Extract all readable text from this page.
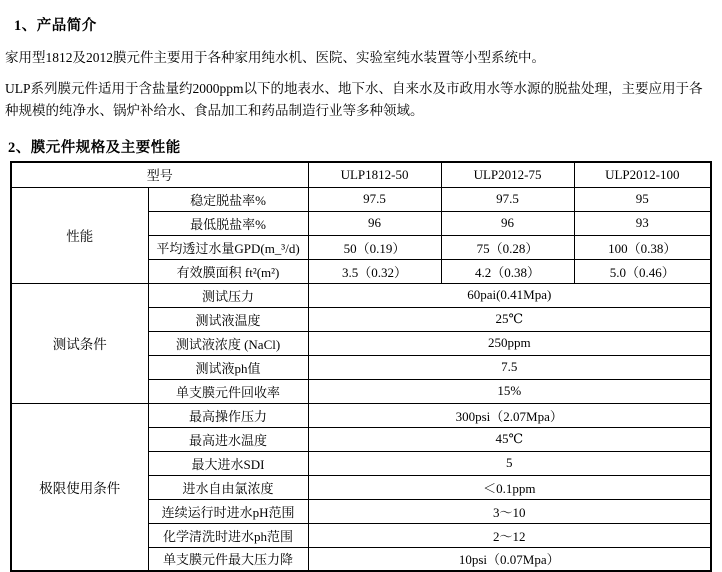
1、产品简介

家用型1812及2012膜元件主要用于各种家用纯水机、医院、实验室纯水装置等小型系统中。

ULP系列膜元件适用于含盐量约2000ppm以下的地表水、地下水、自来水及市政用水等水源的脱盐处理，主要应用于各种规模的纯净水、锅炉补给水、食品加工和药品制造行业等多种领域。

2、膜元件规格及主要性能
型号		ULP1812-50	ULP2012-75	ULP2012-100
性能	稳定脱盐率%	97.5	97.5	95
	最低脱盐率%	96	96	93
	平均透过水量GPD(m_³/d)	50（0.19）	75（0.28）	100（0.38）
	有效膜面积 ft²(m²)	3.5（0.32）	4.2（0.38）	5.0（0.46）
测试条件	测试压力	60pai(0.41Mpa)		
	测试液温度	25℃		
	测试液浓度 (NaCl)	250ppm		
	测试液ph值	7.5		
	单支膜元件回收率	15%		
极限使用条件	最高操作压力	300psi（2.07Mpa）		
	最高进水温度	45℃		
	最大进水SDI	5		
	进水自由氯浓度	＜0.1ppm		
	连续运行时进水pH范围	3～10		
	化学清洗时进水ph范围	2～12		
	单支膜元件最大压力降	10psi（0.07Mpa）		
